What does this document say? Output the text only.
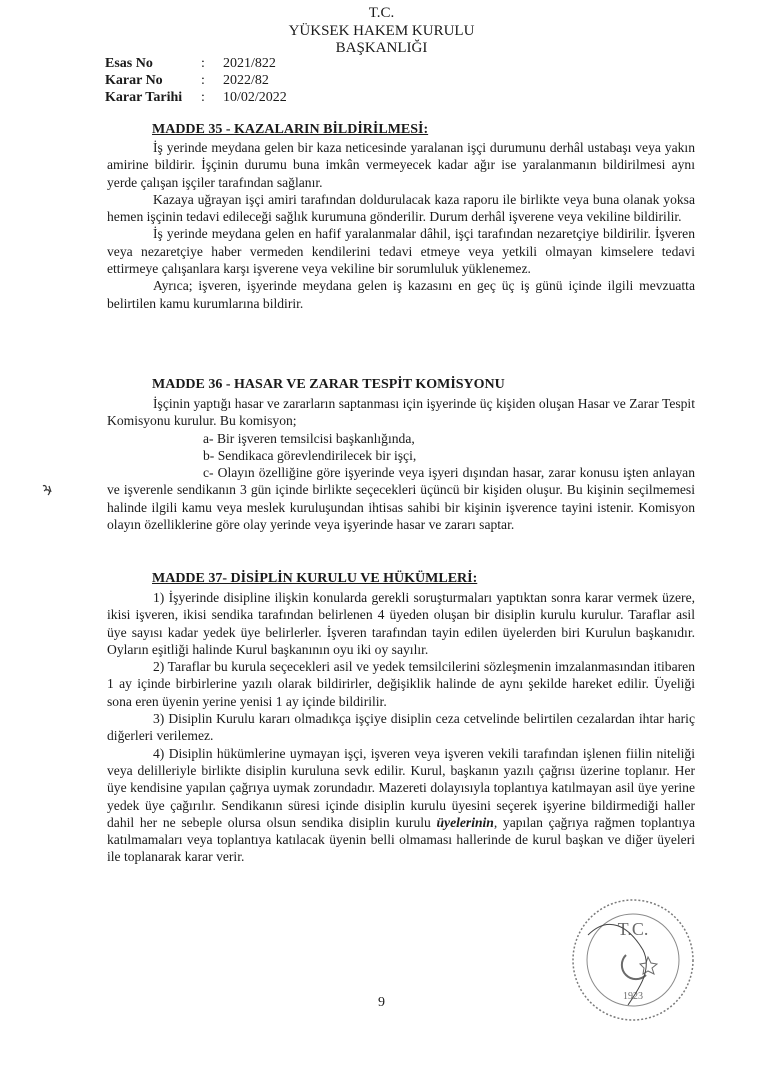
T.C.
YÜKSEK HAKEM KURULU
BAŞKANLIĞI
Esas No	: 2021/822
Karar No	: 2022/82
Karar Tarihi : 10/02/2022
MADDE 35 - KAZALARIN BİLDİRİLMESİ:

İş yerinde meydana gelen bir kaza neticesinde yaralanan işçi durumunu derhâl ustabaşı veya yakın amirine bildirir. İşçinin durumu buna imkân vermeyecek kadar ağır ise yaralanmanın bildirilmesi aynı yerde çalışan işçiler tarafından sağlanır.

Kazaya uğrayan işçi amiri tarafından doldurulacak kaza raporu ile birlikte veya buna olanak yoksa hemen işçinin tedavi edileceği sağlık kurumuna gönderilir. Durum derhâl işverene veya vekiline bildirilir.

İş yerinde meydana gelen en hafif yaralanmalar dâhil, işçi tarafından nezaretçiye bildirilir. İşveren veya nezaretçiye haber vermeden kendilerini tedavi etmeye veya yetkili olmayan kimselere tedavi ettirmeye çalışanlara karşı işverene veya vekiline bir sorumluluk yüklenemez.

Ayrıca; işveren, işyerinde meydana gelen iş kazasını en geç üç iş günü içinde ilgili mevzuatta belirtilen kamu kurumlarına bildirir.

MADDE 36 - HASAR VE ZARAR TESPİT KOMİSYONU

İşçinin yaptığı hasar ve zararların saptanması için işyerinde üç kişiden oluşan Hasar ve Zarar Tespit Komisyonu kurulur. Bu komisyon;

a- Bir işveren temsilcisi başkanlığında,

b- Sendikaca görevlendirilecek bir işçi,

c- Olayın özelliğine göre işyerinde veya işyeri dışından hasar, zarar konusu işten anlayan ve işverenle sendikanın 3 gün içinde birlikte seçecekleri üçüncü bir kişiden oluşur. Bu kişinin seçilmemesi halinde ilgili kamu veya meslek kuruluşundan ihtisas sahibi bir kişinin işverence tayini istenir. Komisyon olayın özelliklerine göre olay yerinde veya işyerinde hasar ve zararı saptar.

MADDE 37- DİSİPLİN KURULU VE HÜKÜMLERİ:

1) İşyerinde disipline ilişkin konularda gerekli soruşturmaları yaptıktan sonra karar vermek üzere, ikisi işveren, ikisi sendika tarafından belirlenen 4 üyeden oluşan bir disiplin kurulu kurulur. Taraflar asil üye sayısı kadar yedek üye belirlerler. İşveren tarafından tayin edilen üyelerden biri Kurulun başkanıdır. Oyların eşitliği halinde Kurul başkanının oyu iki oy sayılır.

2) Taraflar bu kurula seçecekleri asil ve yedek temsilcilerini sözleşmenin imzalanmasından itibaren 1 ay içinde birbirlerine yazılı olarak bildirirler, değişiklik halinde de aynı şekilde hareket edilir. Üyeliği sona eren üyenin yerine yenisi 1 ay içinde bildirilir.

3) Disiplin Kurulu kararı olmadıkça işçiye disiplin ceza cetvelinde belirtilen cezalardan ihtar hariç diğerleri verilemez.

4) Disiplin hükümlerine uymayan işçi, işveren veya işveren vekili tarafından işlenen fiilin niteliği veya delilleriyle birlikte disiplin kuruluna sevk edilir. Kurul, başkanın yazılı çağrısı üzerine toplanır. Her üye kendisine yapılan çağrıya uymak zorundadır. Mazereti dolayısıyla toplantıya katılmayan asil üye yerine yedek üye çağırılır. Sendikanın süresi içinde disiplin kurulu üyesini seçerek işyerine bildirmediği haller dahil her ne sebeple olursa olsun sendika disiplin kurulu üyelerinin, yapılan çağrıya rağmen toplantıya katılmamaları veya toplantıya katılacak üyenin belli olmaması hallerinde de kurul başkan ve diğer üyeleri ile toplanarak karar verir.

T.C.
1923
9
